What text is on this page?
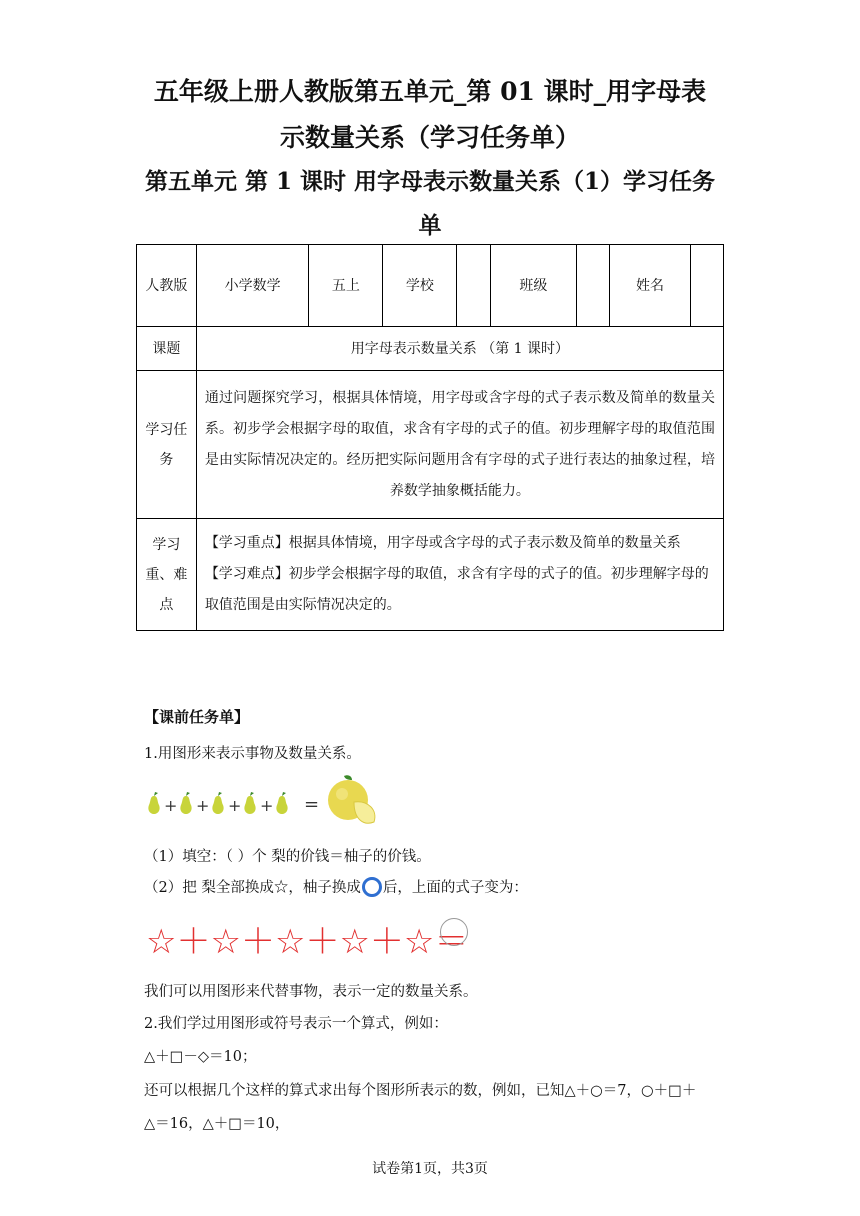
五年级上册人教版第五单元_第 01 课时_用字母表
示数量关系（学习任务单）
第五单元 第 1 课时 用字母表示数量关系（1）学习任务
单
人教版	小学数学	五上	学校		班级		姓名	
课题	用字母表示数量关系 （第 1 课时）							
学习任务	通过问题探究学习，根据具体情境，用字母或含字母的式子表示数及简单的数量关系。初步学会根据字母的取值，求含有字母的式子的值。初步理解字母的取值范围是由实际情况决定的。经历把实际问题用含有字母的式子进行表达的抽象过程，培养数学抽象概括能力。							
学习重、难点	【学习重点】根据具体情境，用字母或含字母的式子表示数及简单的数量关系
【学习难点】初步学会根据字母的取值，求含有字母的式子的值。初步理解字母的取值范围是由实际情况决定的。							
【课前任务单】
1.用图形来表示事物及数量关系。
+ + + + =
（1）填空：（ ）个 梨的价钱＝柚子的价钱。
（2）把 梨全部换成☆，柚子换成 后，上面的式子变为：
☆＋☆＋☆＋☆＋☆＝
我们可以用图形来代替事物，表示一定的数量关系。
2.我们学过用图形或符号表示一个算式，例如：
△＋□－◇＝10；
还可以根据几个这样的算式求出每个图形所表示的数，例如，已知△＋○＝7，○＋□＋
△＝16，△＋□＝10，
试卷第1页，共3页
